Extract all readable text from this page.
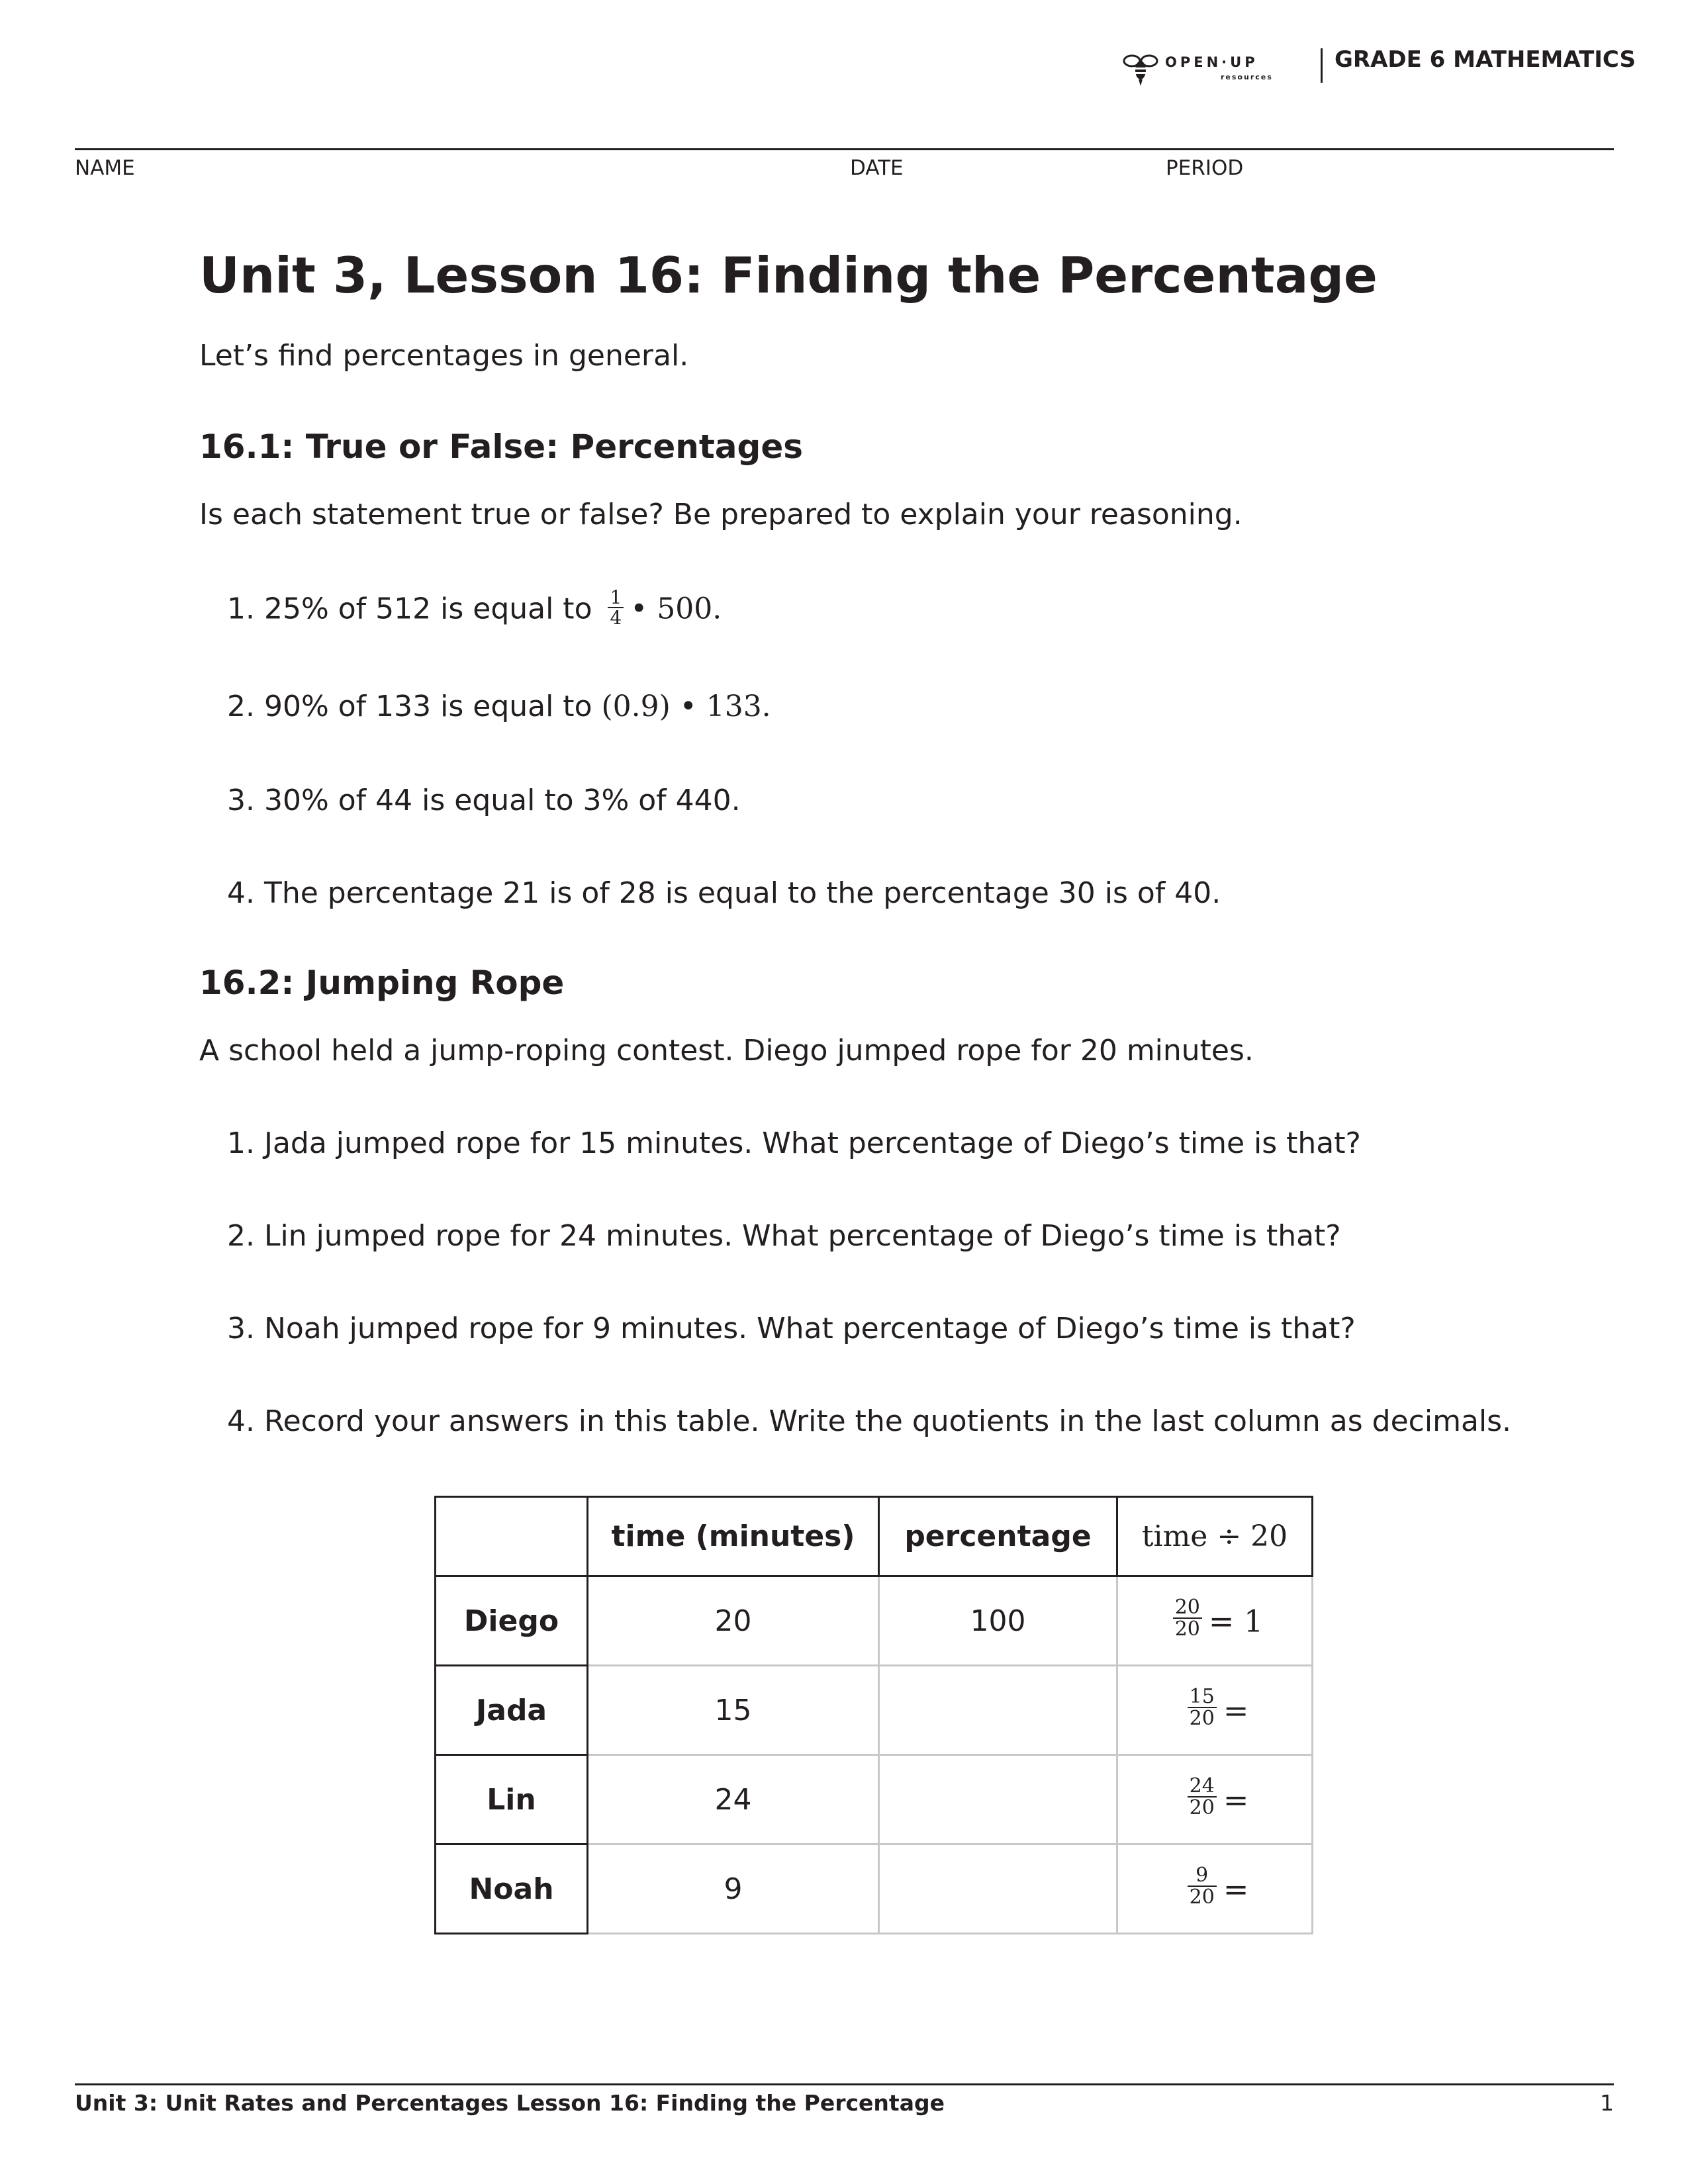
OPEN·UP
resources
GRADE 6 MATHEMATICS
NAME	DATE	PERIOD
Unit 3, Lesson 16: Finding the Percentage
Let’s find percentages in general.
16.1: True or False: Percentages
Is each statement true or false? Be prepared to explain your reasoning.
1. 25% of 512 is equal to $\frac{1}{4}$ • 500.
2. 90% of 133 is equal to (0.9) • 133.
3. 30% of 44 is equal to 3% of 440.
4. The percentage 21 is of 28 is equal to the percentage 30 is of 40.
16.2: Jumping Rope
A school held a jump-roping contest. Diego jumped rope for 20 minutes.
1. Jada jumped rope for 15 minutes. What percentage of Diego’s time is that?
2. Lin jumped rope for 24 minutes. What percentage of Diego’s time is that?
3. Noah jumped rope for 9 minutes. What percentage of Diego’s time is that?
4. Record your answers in this table. Write the quotients in the last column as decimals.
	time (minutes)	percentage	time ÷ 20
Diego	20	100	$\frac{20}{20} = 1$
Jada	15		$\frac{15}{20}$ =
Lin	24		$\frac{24}{20}$ =
Noah	9		$\frac{9}{20}$ =
Unit 3: Unit Rates and Percentages Lesson 16: Finding the Percentage	1
